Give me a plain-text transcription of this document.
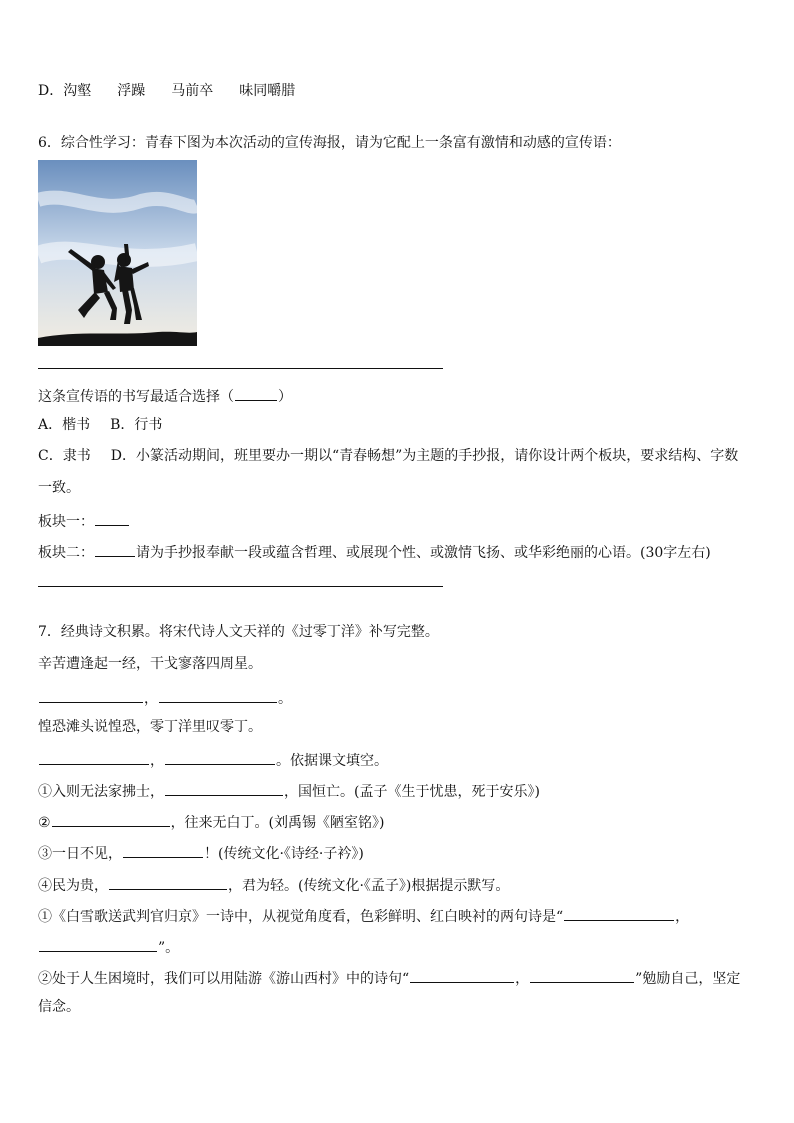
D．沟壑 浮躁 马前卒 味同嚼腊
6．综合性学习：青春下图为本次活动的宣传海报，请为它配上一条富有激情和动感的宣传语：
这条宣传语的书写最适合选择（	）
A．楷书 B．行书
C．隶书 D．小篆活动期间，班里要办一期以“青春畅想”为主题的手抄报，请你设计两个板块，要求结构、字数
一致。
板块一：
板块二：	请为手抄报奉献一段或蕴含哲理、或展现个性、或激情飞扬、或华彩绝丽的心语。(30字左右)
7．经典诗文积累。将宋代诗人文天祥的《过零丁洋》补写完整。
辛苦遭逢起一经，干戈寥落四周星。
，	。
惶恐滩头说惶恐，零丁洋里叹零丁。
，	。依据课文填空。
①入则无法家拂士，	，国恒亡。(孟子《生于忧患，死于安乐》)
②	，往来无白丁。(刘禹锡《陋室铭》)
③一日不见，	！(传统文化·《诗经·子衿》)
④民为贵，	，君为轻。(传统文化·《孟子》)根据提示默写。
①《白雪歌送武判官归京》一诗中，从视觉角度看，色彩鲜明、红白映衬的两句诗是“	，
”。
②处于人生困境时，我们可以用陆游《游山西村》中的诗句“	，	”勉励自己，坚定
信念。
